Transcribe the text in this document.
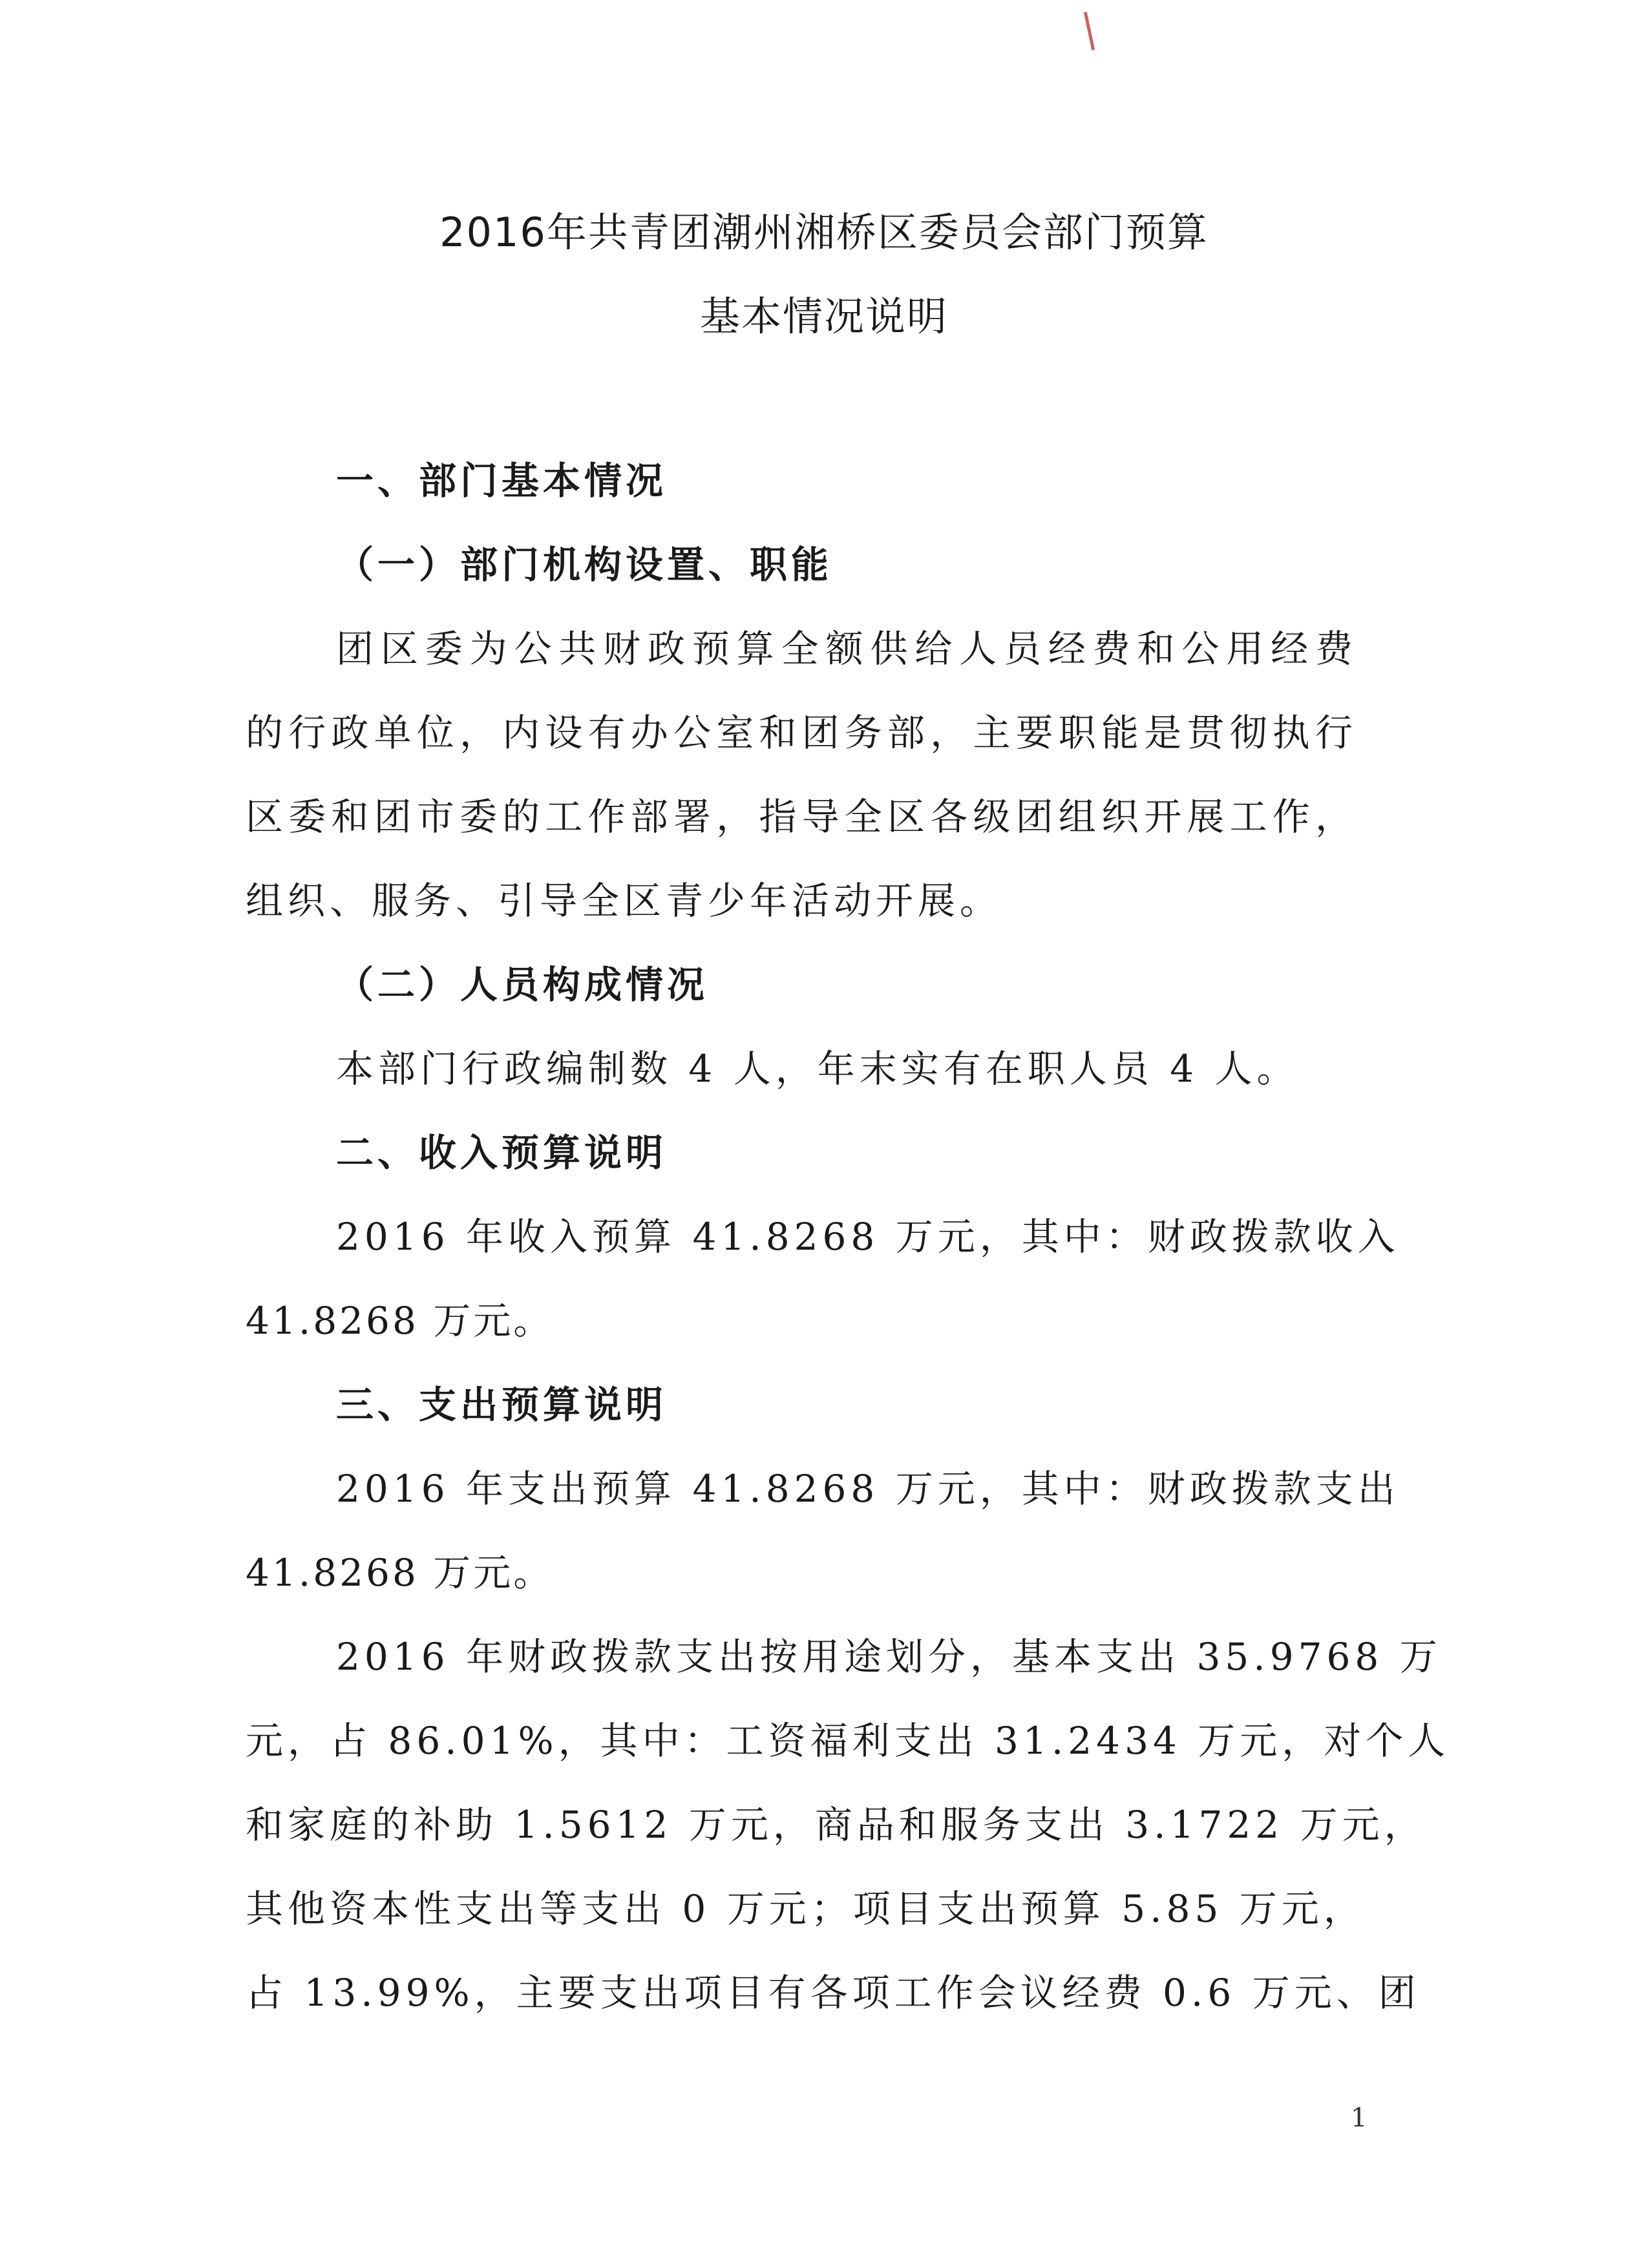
2016年共青团潮州湘桥区委员会部门预算
基本情况说明
一、部门基本情况
（一）部门机构设置、职能
团区委为公共财政预算全额供给人员经费和公用经费
的行政单位，内设有办公室和团务部，主要职能是贯彻执行
区委和团市委的工作部署，指导全区各级团组织开展工作，
组织、服务、引导全区青少年活动开展。
（二）人员构成情况
本部门行政编制数 4 人，年末实有在职人员 4 人。
二、收入预算说明
2016 年收入预算 41.8268 万元，其中：财政拨款收入
41.8268 万元。
三、支出预算说明
2016 年支出预算 41.8268 万元，其中：财政拨款支出
41.8268 万元。
2016 年财政拨款支出按用途划分，基本支出 35.9768 万
元，占 86.01%，其中：工资福利支出 31.2434 万元，对个人
和家庭的补助 1.5612 万元，商品和服务支出 3.1722 万元，
其他资本性支出等支出 0 万元；项目支出预算 5.85 万元，
占 13.99%，主要支出项目有各项工作会议经费 0.6 万元、团
1
